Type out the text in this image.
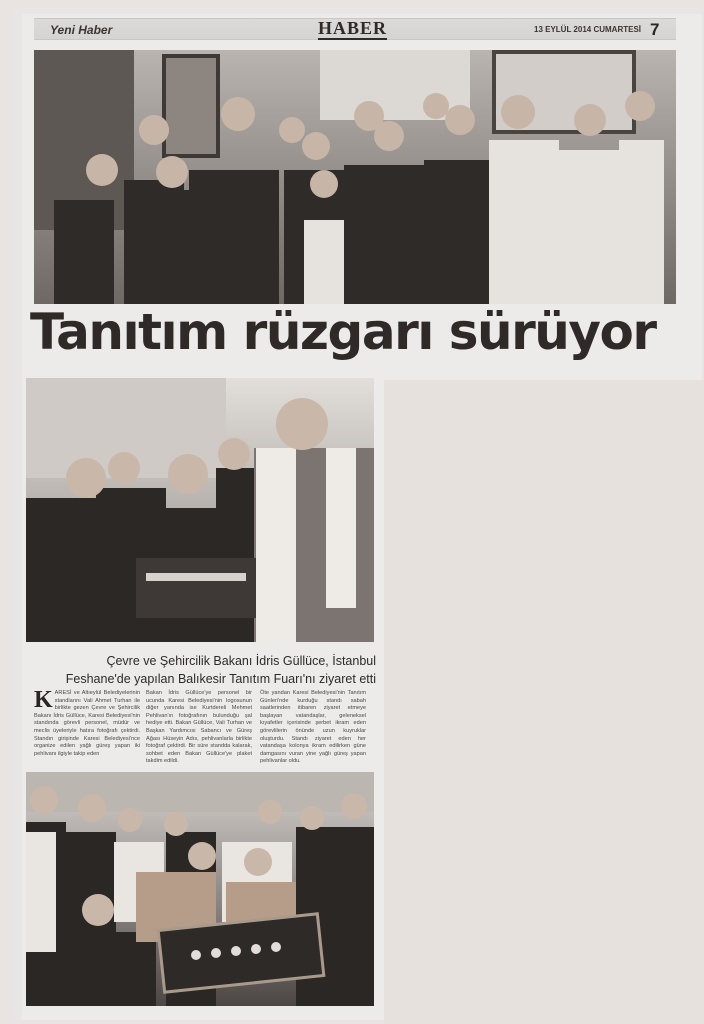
Yeni Haber	HABER	13 EYLÜL 2014 CUMARTESİ 7
Tanıtım rüzgarı sürüyor
Çevre ve Şehircilik Bakanı İdris Güllüce, İstanbul
Feshane'de yapılan Balıkesir Tanıtım Fuarı'nı ziyaret etti
KARESİ ve Altıeylül Belediyelerinin standlarını Vali Ahmet Turhan ile birlikte gezen Çevre ve Şehircilik Bakanı İdris Güllüce, Karesi Belediyesi'nin standında görevli personel, müdür ve meclis üyeleriyle hatıra fotoğrafı çektirdi. Standın girişinde Karesi Belediyesi'nce organize edilen yağlı güreş yapan iki pehlivanı ilgiyle takip eden
Bakan İdris Güllüce'ye personel bir ucunda Karesi Belediyesi'nin logosunun diğer yanında ise Kurtdereli Mehmet Pehlivan'ın fotoğrafının bulunduğu şal hediye etti. Bakan Güllüce, Vali Turhan ve Başkan Yardımcısı Sabancı ve Güreş Ağası Hüseyin Adıs, pehlivanlarla birlikte fotoğraf çektirdi. Bir süre standda kalarak, sohbet eden Bakan Güllüce'ye plaket takdim edildi.
Öte yandan Karesi Belediyesi'nin Tanıtım Günleri'nde kurduğu standı sabah saatlerinden itibaren ziyaret etmeye başlayan vatandaşlar, geleneksel kıyafetler içerisinde şerbet ikram eden görevlilerin önünde uzun kuyruklar oluşturdu. Standı ziyaret eden her vatandaşa kolonya ikram edilirken güne damgasını vuran yine yağlı güreş yapan pehlivanlar oldu.
